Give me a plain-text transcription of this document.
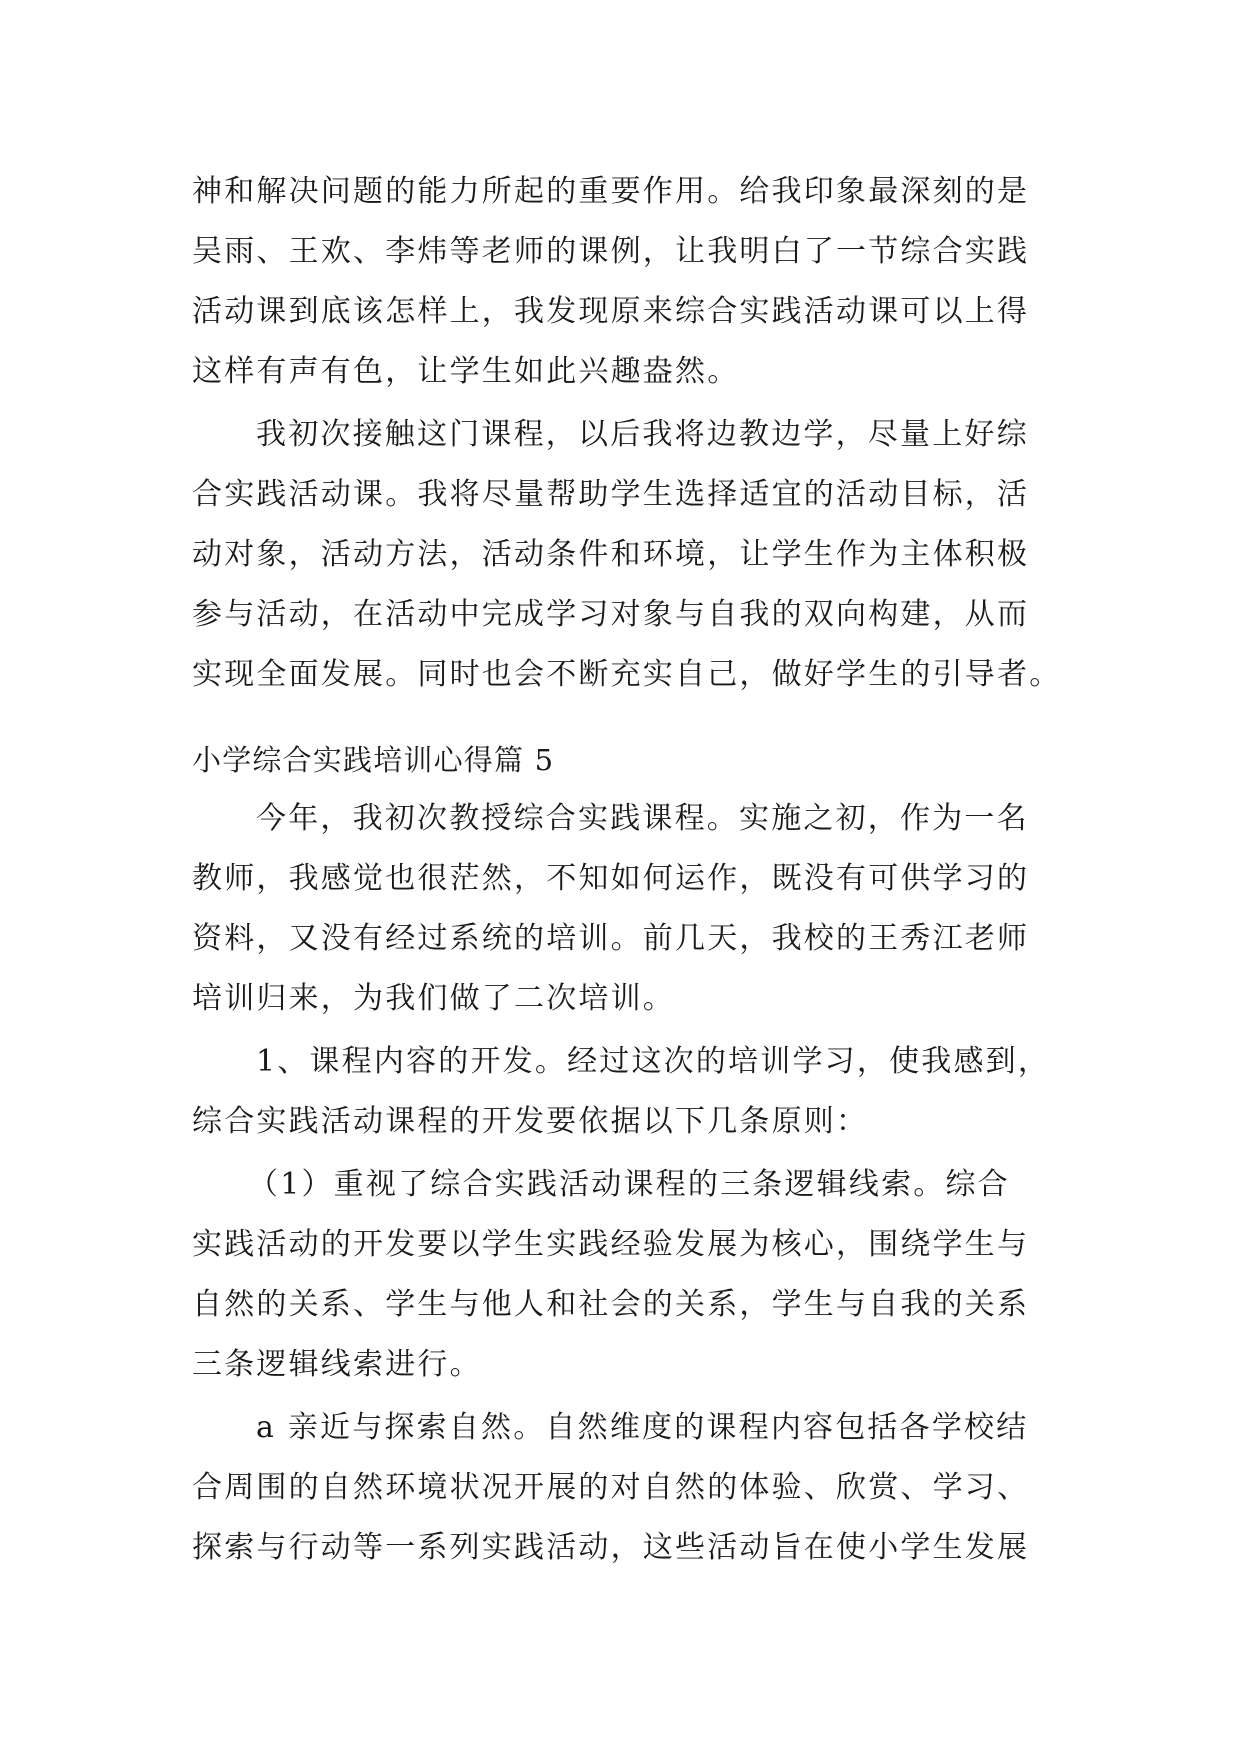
神和解决问题的能力所起的重要作用。给我印象最深刻的是
吴雨、王欢、李炜等老师的课例，让我明白了一节综合实践
活动课到底该怎样上，我发现原来综合实践活动课可以上得
这样有声有色，让学生如此兴趣盎然。

我初次接触这门课程，以后我将边教边学，尽量上好综
合实践活动课。我将尽量帮助学生选择适宜的活动目标，活
动对象，活动方法，活动条件和环境，让学生作为主体积极
参与活动，在活动中完成学习对象与自我的双向构建，从而
实现全面发展。同时也会不断充实自己，做好学生的引导者。

小学综合实践培训心得篇 5

今年，我初次教授综合实践课程。实施之初，作为一名
教师，我感觉也很茫然，不知如何运作，既没有可供学习的
资料，又没有经过系统的培训。前几天，我校的王秀江老师
培训归来，为我们做了二次培训。

1、课程内容的开发。经过这次的培训学习，使我感到，
综合实践活动课程的开发要依据以下几条原则：

（1）重视了综合实践活动课程的三条逻辑线索。综合
实践活动的开发要以学生实践经验发展为核心，围绕学生与
自然的关系、学生与他人和社会的关系，学生与自我的关系
三条逻辑线索进行。

a 亲近与探索自然。自然维度的课程内容包括各学校结
合周围的自然环境状况开展的对自然的体验、欣赏、学习、
探索与行动等一系列实践活动，这些活动旨在使小学生发展
